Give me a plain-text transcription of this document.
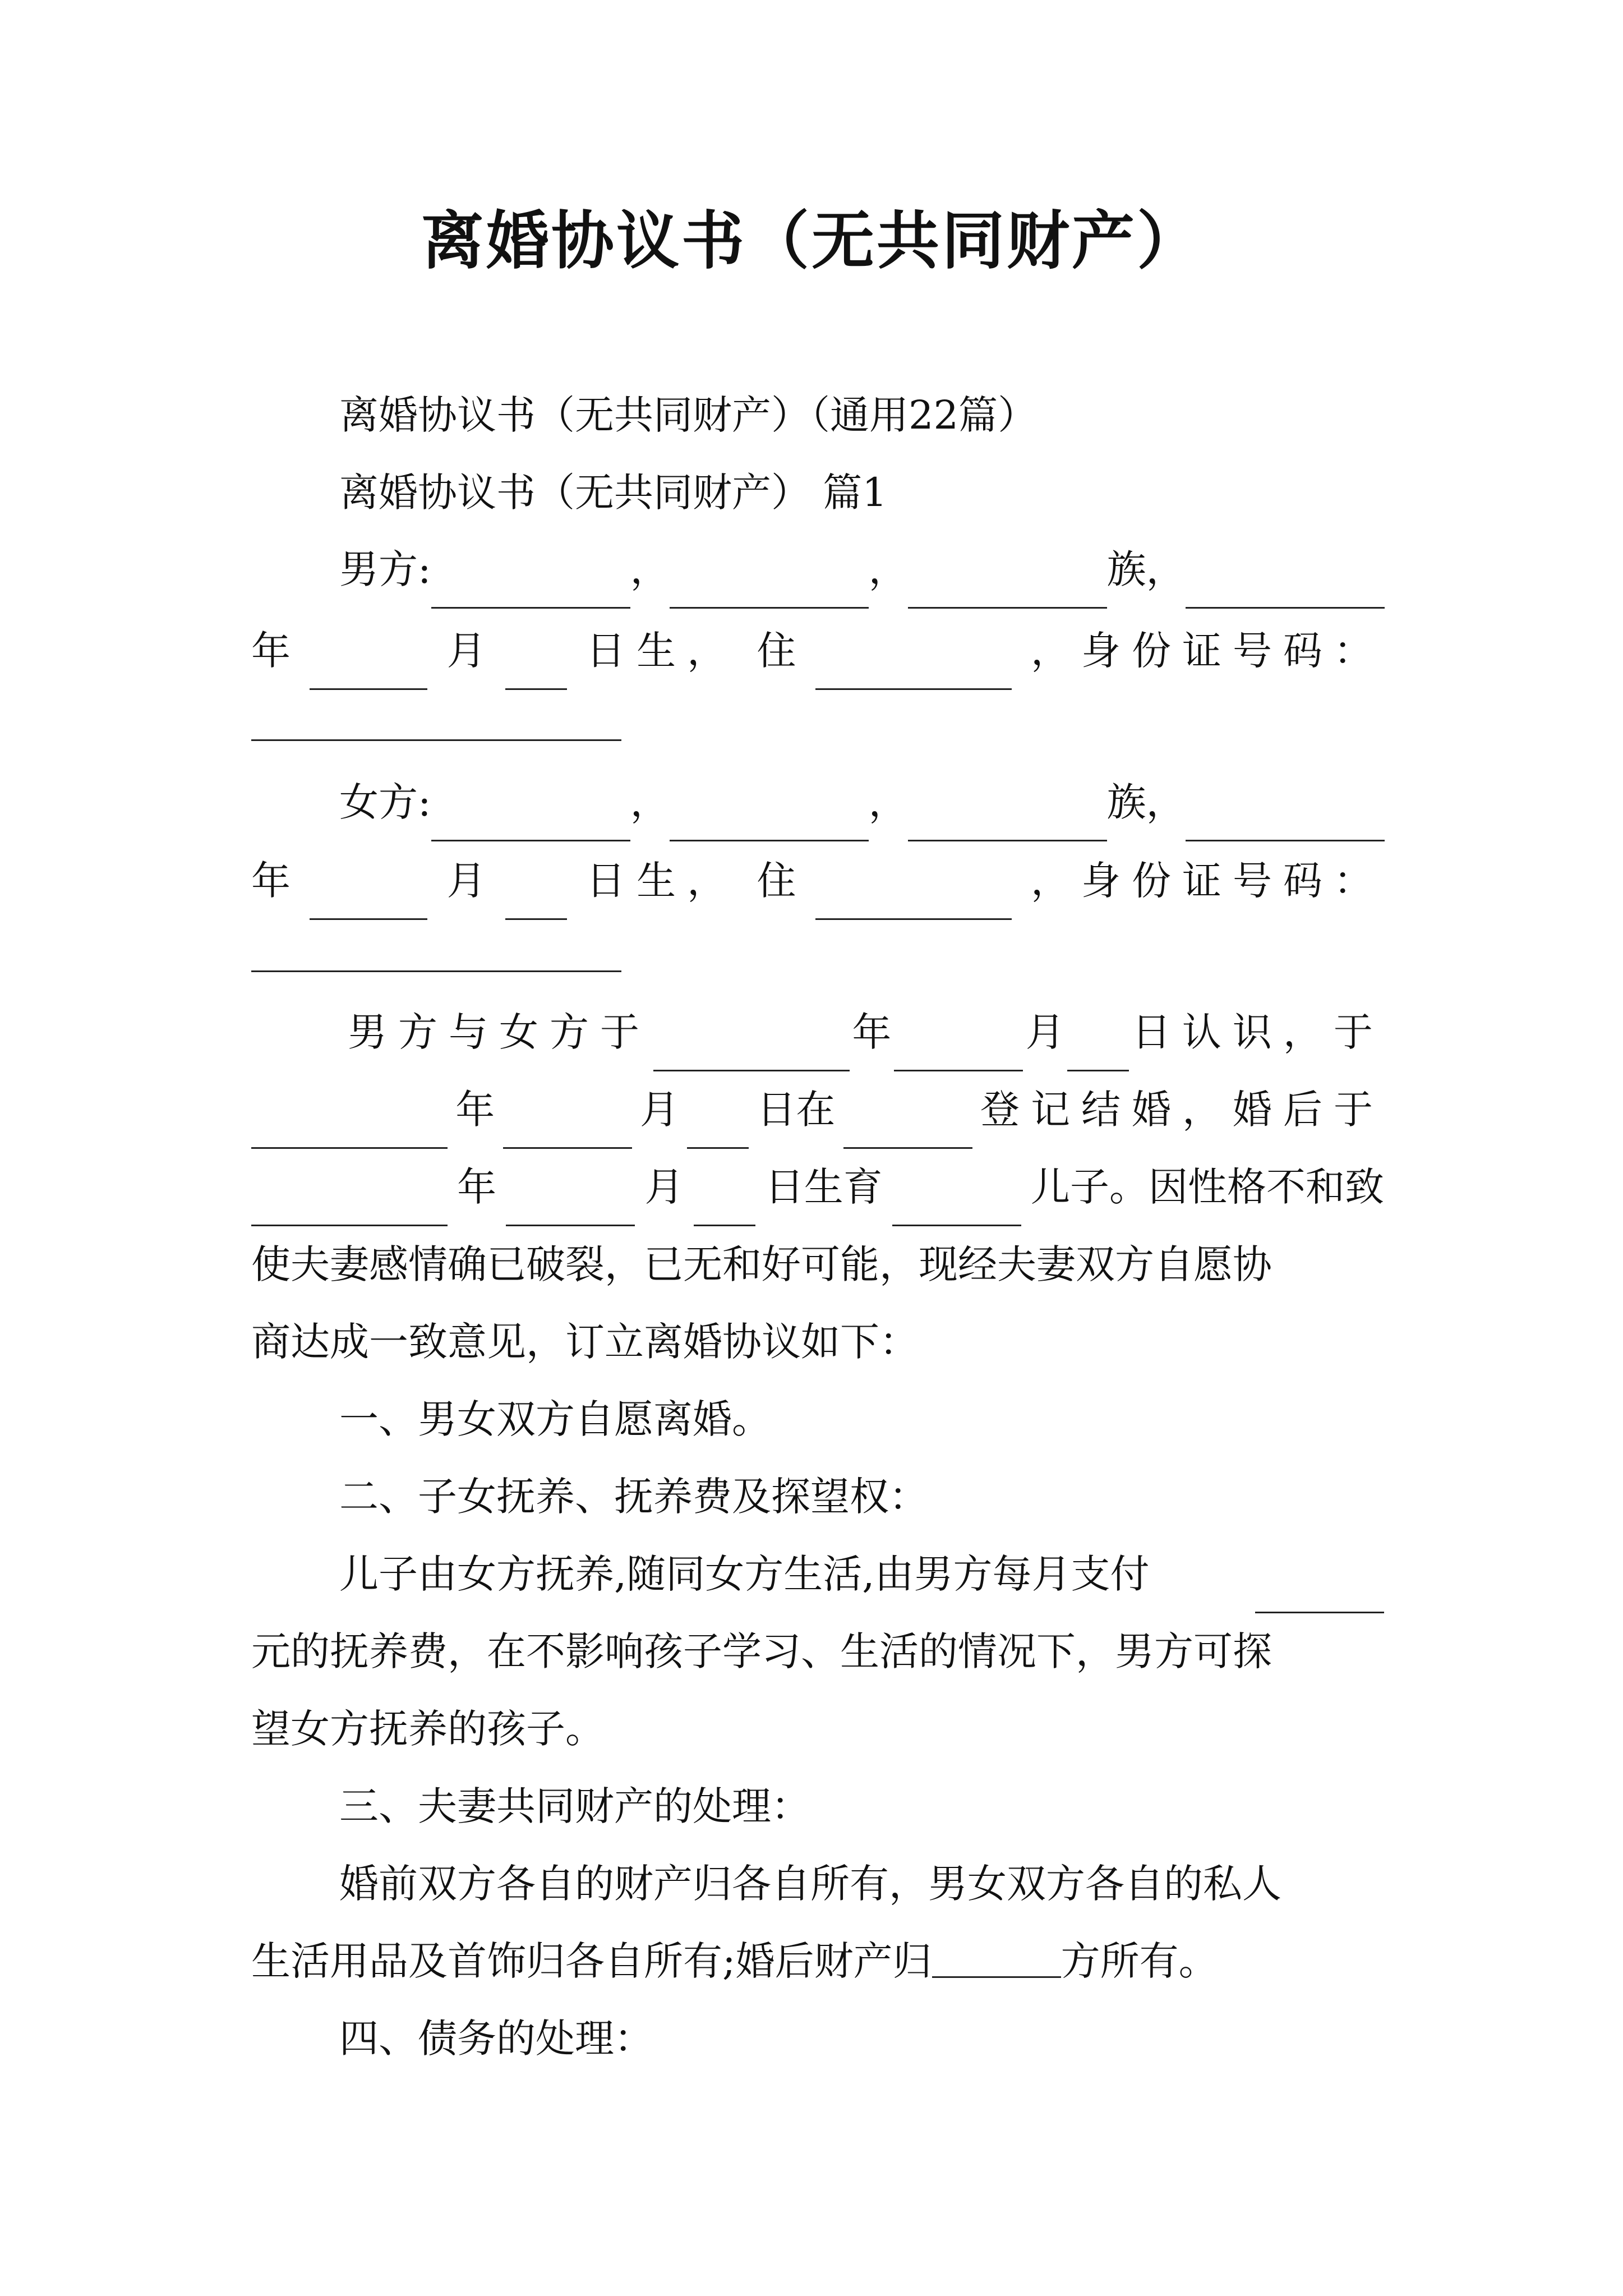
离婚协议书（无共同财产）
离婚协议书（无共同财产）（通用22篇）
离婚协议书（无共同财产） 篇1
男方:	，	，	族，
年	月	日生， 住	，身份证号码：
女方:	，	，	族，
年	月	日生， 住	，身份证号码：
男方与女方于	年	月 日认识，于
年	月 日在	登记结婚，婚后于
年	月 日生育	儿子。因性格不和致
使夫妻感情确已破裂，已无和好可能，现经夫妻双方自愿协
商达成一致意见，订立离婚协议如下：
一、男女双方自愿离婚。
二、子女抚养、抚养费及探望权：
儿子由女方抚养,随同女方生活,由男方每月支付
元的抚养费，在不影响孩子学习、生活的情况下，男方可探
望女方抚养的孩子。
三、夫妻共同财产的处理：
婚前双方各自的财产归各自所有，男女双方各自的私人
生活用品及首饰归各自所有;婚后财产归	方所有。
四、债务的处理：
